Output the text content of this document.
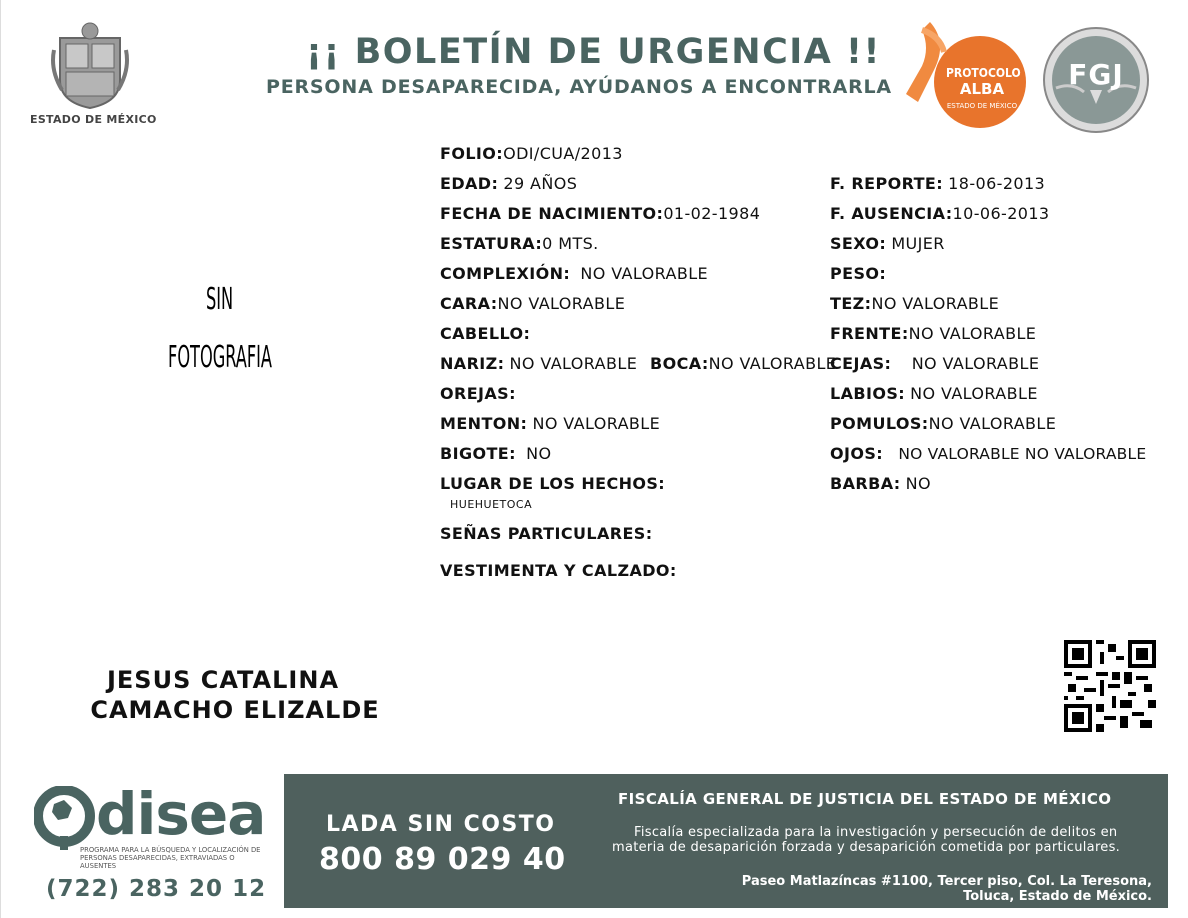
ESTADO DE MÉXICO
¡¡ BOLETÍN DE URGENCIA !!
PERSONA DESAPARECIDA, AYÚDANOS A ENCONTRARLA
PROTOCOLO
ALBA
ESTADO DE MÉXICO
FGJ
SIN
FOTOGRAFIA
FOLIO:ODI/CUA/2013
EDAD: 29 AÑOS
FECHA DE NACIMIENTO:01-02-1984
ESTATURA:0 MTS.
COMPLEXIÓN: NO VALORABLE
CARA:NO VALORABLE
CABELLO:
NARIZ: NO VALORABLE BOCA:NO VALORABLE
OREJAS:
MENTON: NO VALORABLE
BIGOTE: NO
LUGAR DE LOS HECHOS:
HUEHUETOCA
SEÑAS PARTICULARES:
VESTIMENTA Y CALZADO:
F. REPORTE: 18-06-2013
F. AUSENCIA:10-06-2013
SEXO: MUJER
PESO:
TEZ:NO VALORABLE
FRENTE:NO VALORABLE
CEJAS: NO VALORABLE
LABIOS: NO VALORABLE
POMULOS:NO VALORABLE
OJOS: NO VALORABLE NO VALORABLE
BARBA: NO
JESUS CATALINA
CAMACHO ELIZALDE
disea
PROGRAMA PARA LA BÚSQUEDA Y LOCALIZACIÓN DE PERSONAS DESAPARECIDAS, EXTRAVIADAS O AUSENTES
(722) 283 20 12
LADA SIN COSTO
800 89 029 40
FISCALÍA GENERAL DE JUSTICIA DEL ESTADO DE MÉXICO
Fiscalía especializada para la investigación y persecución de delitos en
materia de desaparición forzada y desaparición cometida por particulares.
Paseo Matlazíncas #1100, Tercer piso, Col. La Teresona,
Toluca, Estado de México.
